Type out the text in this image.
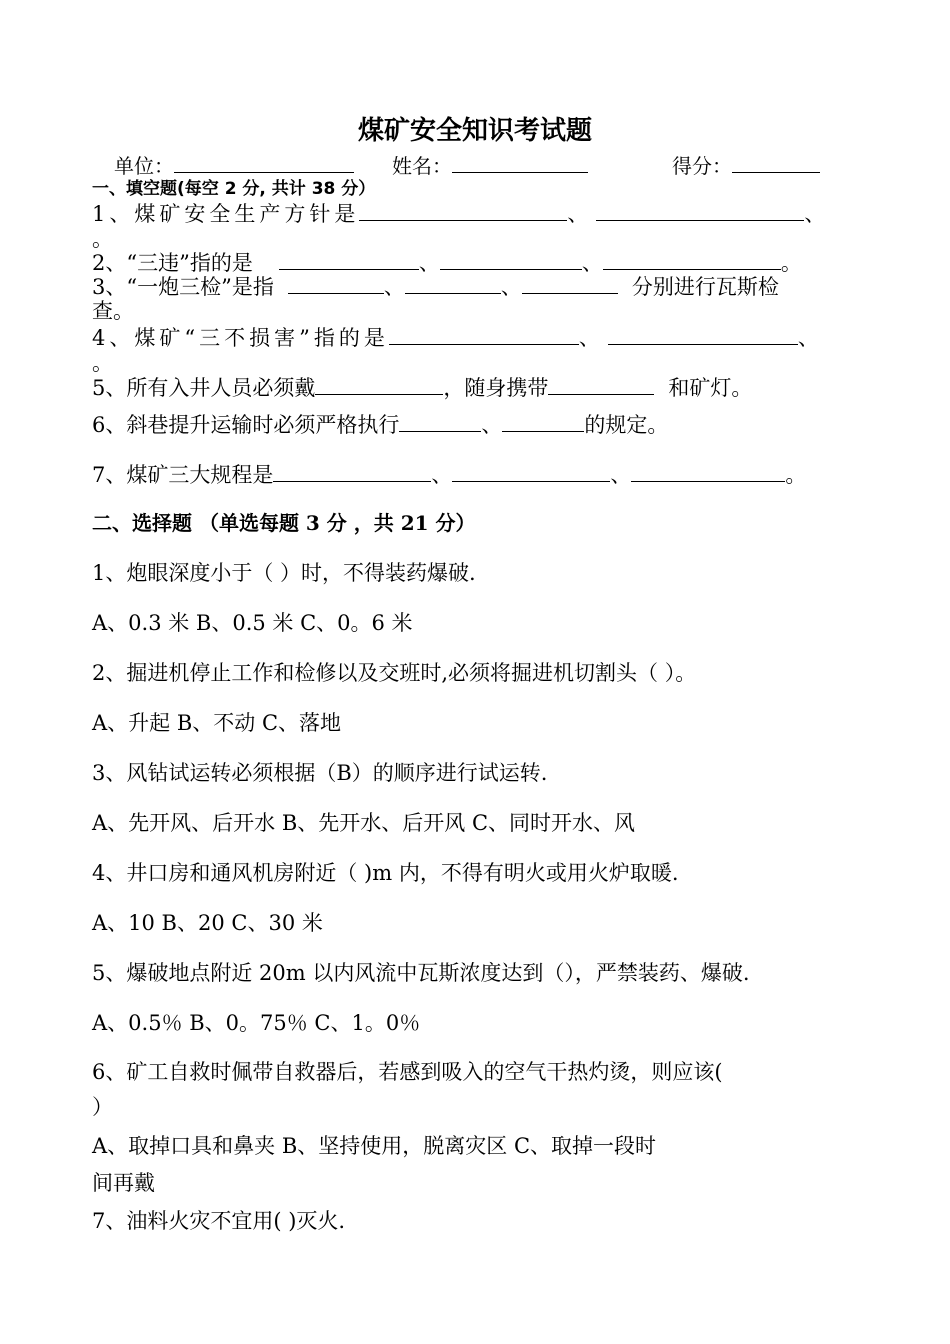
煤矿安全知识考试题
单位：	姓名：	得分：
一、填空题(每空 2 分, 共计 38 分）
1、煤矿安全生产方针是	、	、
。
2、“三违”指的是	、	、	。
3、“一炮三检”是指	、	、	分别进行瓦斯检
查。
4、煤矿“三不损害”指的是	、	、
。
5、所有入井人员必须戴	，随身携带	和矿灯。
6、斜巷提升运输时必须严格执行	、	的规定。
7、煤矿三大规程是	、	、	。
二、选择题 （单选每题 3 分 ，共 21 分）
1、炮眼深度小于（ ）时，不得装药爆破.
A、0.3 米 B、0.5 米 C、0。6 米
2、掘进机停止工作和检修以及交班时,必须将掘进机切割头（ ）。
A、升起 B、不动 C、落地
3、风钻试运转必须根据（B）的顺序进行试运转.
A、先开风、后开水 B、先开水、后开风 C、同时开水、风
4、井口房和通风机房附近（ )m 内，不得有明火或用火炉取暖.
A、10 B、20 C、30 米
5、爆破地点附近 20m 以内风流中瓦斯浓度达到（），严禁装药、爆破.
A、0.5％ B、0。75％ C、1。0％
6、矿工自救时佩带自救器后，若感到吸入的空气干热灼烫，则应该(
）
A、取掉口具和鼻夹 B、坚持使用，脱离灾区 C、取掉一段时
间再戴
7、油料火灾不宜用( )灭火.
